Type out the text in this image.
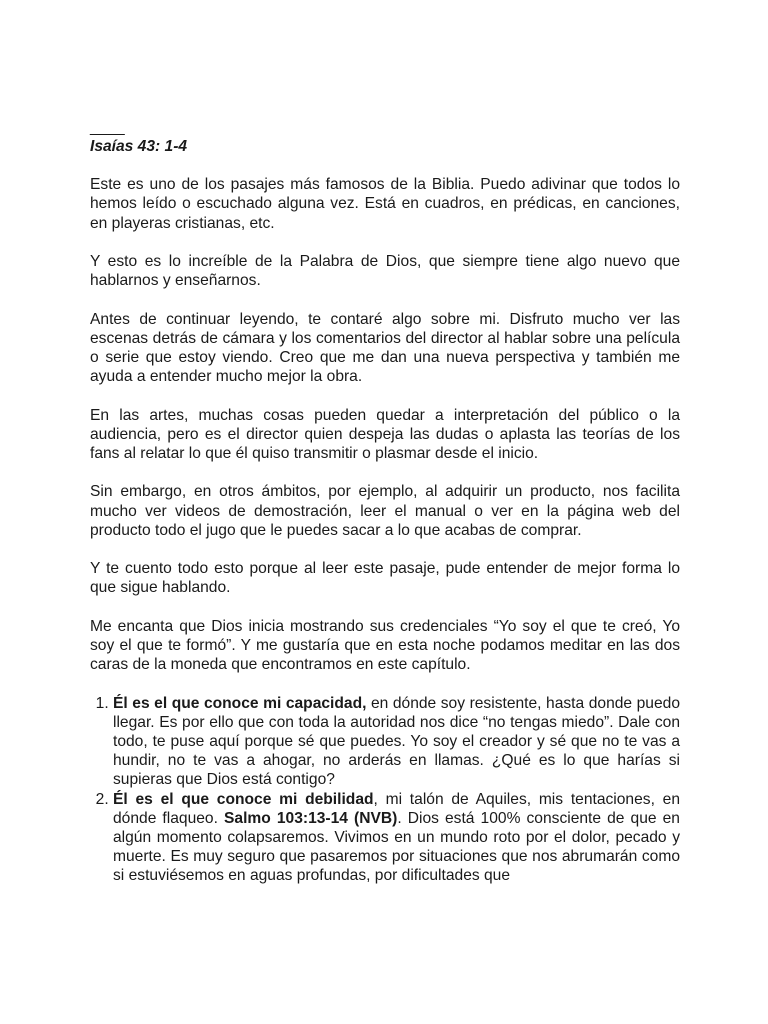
____
Isaías 43: 1-4

Este es uno de los pasajes más famosos de la Biblia. Puedo adivinar que todos lo hemos leído o escuchado alguna vez. Está en cuadros, en prédicas, en canciones, en playeras cristianas, etc.

Y esto es lo increíble de la Palabra de Dios, que siempre tiene algo nuevo que hablarnos y enseñarnos.

Antes de continuar leyendo, te contaré algo sobre mi. Disfruto mucho ver las escenas detrás de cámara y los comentarios del director al hablar sobre una película o serie que estoy viendo. Creo que me dan una nueva perspectiva y también me ayuda a entender mucho mejor la obra.

En las artes, muchas cosas pueden quedar a interpretación del público o la audiencia, pero es el director quien despeja las dudas o aplasta las teorías de los fans al relatar lo que él quiso transmitir o plasmar desde el inicio.

Sin embargo, en otros ámbitos, por ejemplo, al adquirir un producto, nos facilita mucho ver videos de demostración, leer el manual o ver en la página web del producto todo el jugo que le puedes sacar a lo que acabas de comprar.

Y te cuento todo esto porque al leer este pasaje, pude entender de mejor forma lo que sigue hablando.

Me encanta que Dios inicia mostrando sus credenciales “Yo soy el que te creó, Yo soy el que te formó”. Y me gustaría que en esta noche podamos meditar en las dos caras de la moneda que encontramos en este capítulo.

1. Él es el que conoce mi capacidad, en dónde soy resistente, hasta donde puedo llegar. Es por ello que con toda la autoridad nos dice “no tengas miedo”. Dale con todo, te puse aquí porque sé que puedes. Yo soy el creador y sé que no te vas a hundir, no te vas a ahogar, no arderás en llamas. ¿Qué es lo que harías si supieras que Dios está contigo?
2. Él es el que conoce mi debilidad, mi talón de Aquiles, mis tentaciones, en dónde flaqueo. Salmo 103:13-14 (NVB). Dios está 100% consciente de que en algún momento colapsaremos. Vivimos en un mundo roto por el dolor, pecado y muerte. Es muy seguro que pasaremos por situaciones que nos abrumarán como si estuviésemos en aguas profundas, por dificultades que
